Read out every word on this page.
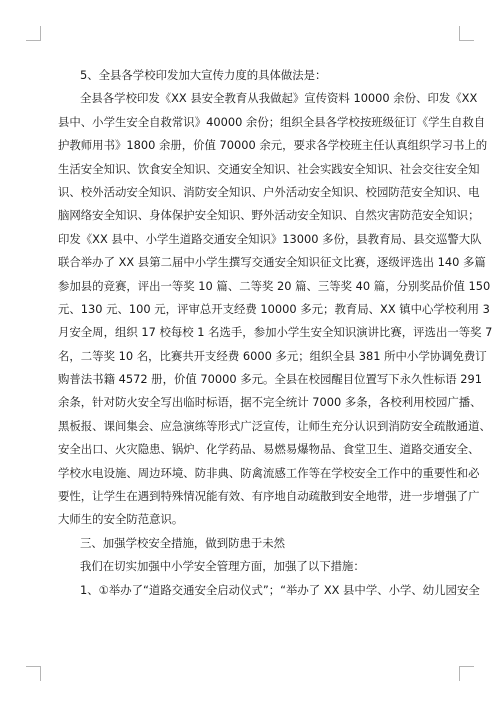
5、全县各学校印发加大宣传力度的具体做法是：
全县各学校印发《XX 县安全教育从我做起》宣传资料 10000 余份、印发《XX
县中、小学生安全自救常识》40000 余份；组织全县各学校按班级征订《学生自救自
护教师用书》1800 余册，价值 70000 余元，要求各学校班主任认真组织学习书上的
生活安全知识、饮食安全知识、交通安全知识、社会实践安全知识、社会交往安全知
识、校外活动安全知识、消防安全知识、户外活动安全知识、校园防范安全知识、电
脑网络安全知识、身体保护安全知识、野外活动安全知识、自然灾害防范安全知识；
印发《XX 县中、小学生道路交通安全知识》13000 多份，县教育局、县交巡警大队
联合举办了 XX 县第二届中小学生撰写交通安全知识征文比赛，逐级评选出 140 多篇
参加县的竞赛，评出一等奖 10 篇、二等奖 20 篇、三等奖 40 篇，分别奖品价值 150
元、130 元、100 元，评审总开支经费 10000 多元；教育局、XX 镇中心学校利用 3
月安全周，组织 17 校每校 1 名选手，参加小学生安全知识演讲比赛，评选出一等奖 7
名，二等奖 10 名，比赛共开支经费 6000 多元；组织全县 381 所中小学协调免费订
购普法书籍 4572 册，价值 70000 多元。全县在校园醒目位置写下永久性标语 291
余条，针对防火安全写出临时标语，据不完全统计 7000 多条，各校利用校园广播、
黑板报、课间集会、应急演练等形式广泛宣传，让师生充分认识到消防安全疏散通道、
安全出口、火灾隐患、锅炉、化学药品、易燃易爆物品、食堂卫生、道路交通安全、
学校水电设施、周边环境、防非典、防禽流感工作等在学校安全工作中的重要性和必
要性，让学生在遇到特殊情况能有效、有序地自动疏散到安全地带，进一步增强了广
大师生的安全防范意识。
三、加强学校安全措施，做到防患于未然
我们在切实加强中小学安全管理方面，加强了以下措施：
1、①举办了“道路交通安全启动仪式”；“举办了 XX 县中学、小学、幼儿园安全
